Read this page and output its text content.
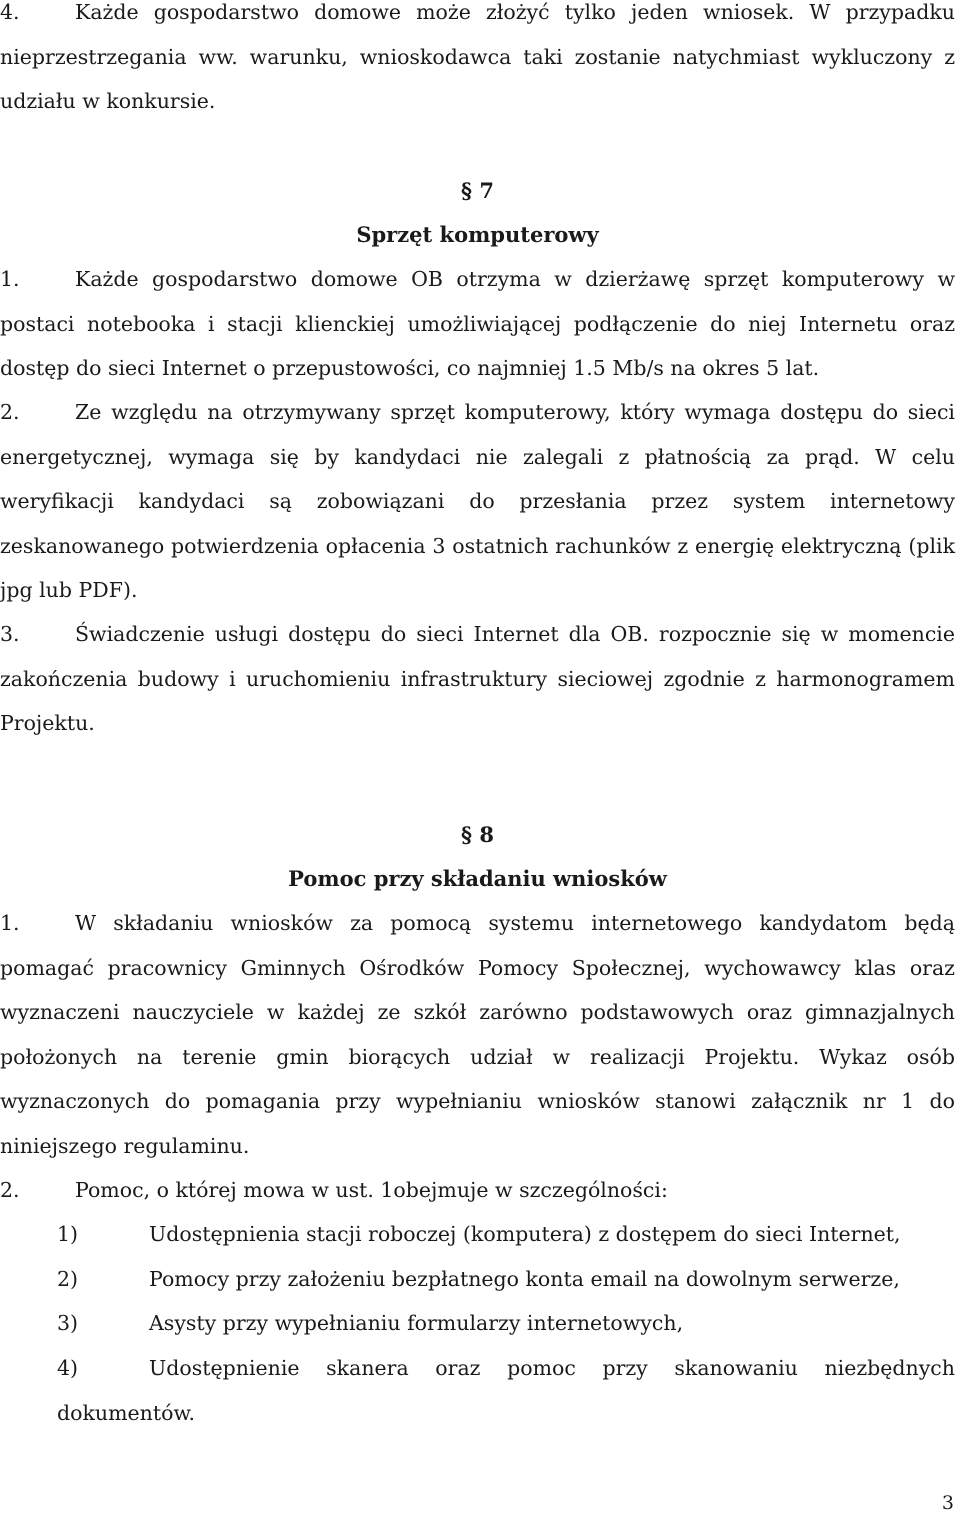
4.	Każde gospodarstwo domowe może złożyć tylko jeden wniosek. W przypadku nieprzestrzegania ww. warunku, wnioskodawca taki zostanie natychmiast wykluczony z udziału w konkursie.

§ 7
Sprzęt komputerowy

1.	Każde gospodarstwo domowe OB otrzyma w dzierżawę sprzęt komputerowy w postaci notebooka i stacji klienckiej umożliwiającej podłączenie do niej Internetu oraz dostęp do sieci Internet o przepustowości, co najmniej 1.5 Mb/s na okres 5 lat.

2.	Ze względu na otrzymywany sprzęt komputerowy, który wymaga dostępu do sieci energetycznej, wymaga się by kandydaci nie zalegali z płatnością za prąd. W celu weryfikacji kandydaci są zobowiązani do przesłania przez system internetowy zeskanowanego potwierdzenia opłacenia 3 ostatnich rachunków z energię elektryczną (plik jpg lub PDF).

3.	Świadczenie usługi dostępu do sieci Internet dla OB. rozpocznie się w momencie zakończenia budowy i uruchomieniu infrastruktury sieciowej zgodnie z harmonogramem Projektu.

§ 8
Pomoc przy składaniu wniosków

1.	W składaniu wniosków za pomocą systemu internetowego kandydatom będą pomagać pracownicy Gminnych Ośrodków Pomocy Społecznej, wychowawcy klas oraz wyznaczeni nauczyciele w każdej ze szkół zarówno podstawowych oraz gimnazjalnych położonych na terenie gmin biorących udział w realizacji Projektu. Wykaz osób wyznaczonych do pomagania przy wypełnianiu wniosków stanowi załącznik nr 1 do niniejszego regulaminu.

2.	Pomoc, o której mowa w ust. 1obejmuje w szczególności:

1)	Udostępnienia stacji roboczej (komputera) z dostępem do sieci Internet,

2)	Pomocy przy założeniu bezpłatnego konta email na dowolnym serwerze,

3)	Asysty przy wypełnianiu formularzy internetowych,

4)	Udostępnienie skanera oraz pomoc przy skanowaniu niezbędnych dokumentów.

3
